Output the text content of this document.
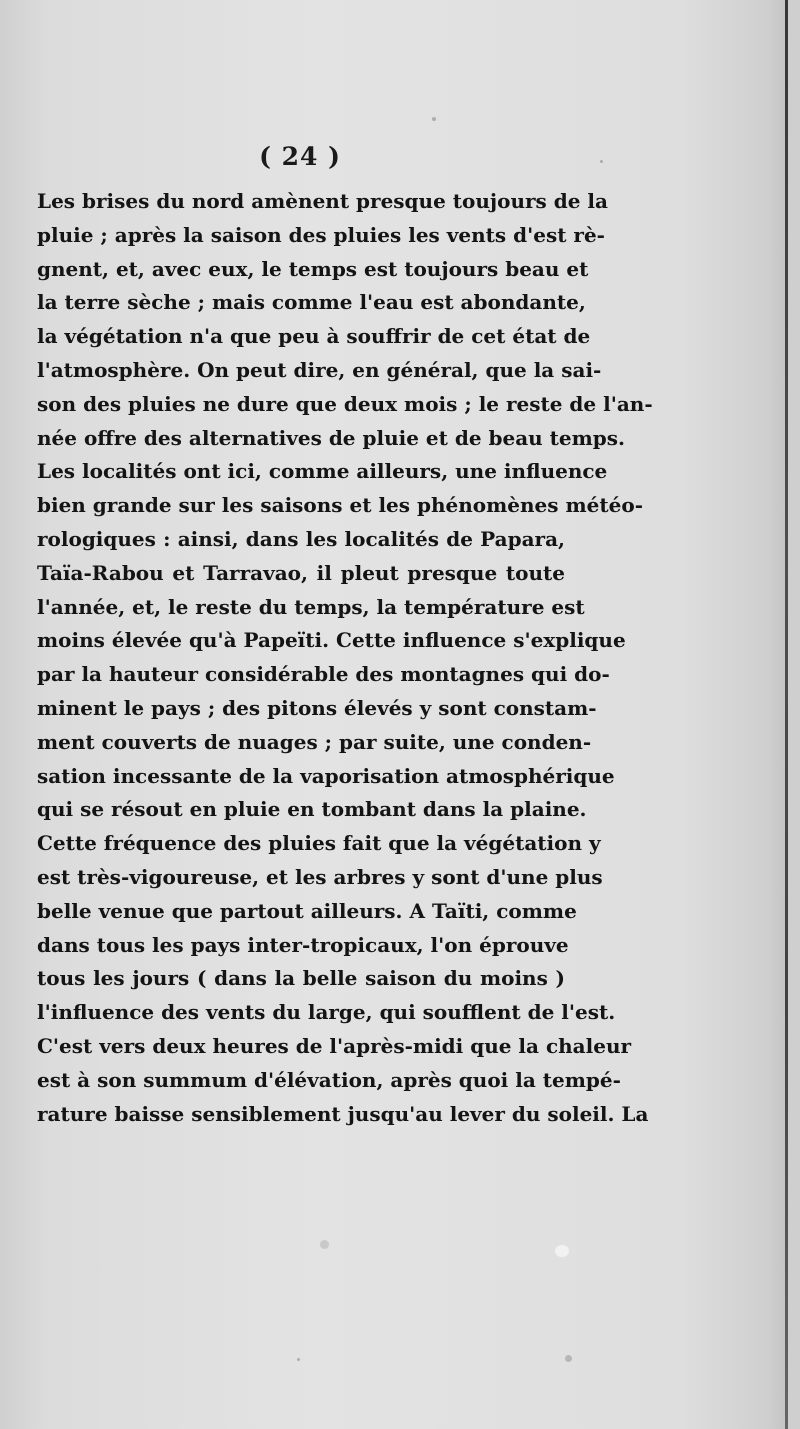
( 24 )
Les brises du nord amènent presque toujours de la
pluie ; après la saison des pluies les vents d'est rè-
gnent, et, avec eux, le temps est toujours beau et
la terre sèche ; mais comme l'eau est abondante,
la végétation n'a que peu à souffrir de cet état de
l'atmosphère. On peut dire, en général, que la sai-
son des pluies ne dure que deux mois ; le reste de l'an-
née offre des alternatives de pluie et de beau temps.
Les localités ont ici, comme ailleurs, une influence
bien grande sur les saisons et les phénomènes météo-
rologiques : ainsi, dans les localités de Papara,
Taïa-Rabou et Tarravao, il pleut presque toute
l'année, et, le reste du temps, la température est
moins élevée qu'à Papeïti. Cette influence s'explique
par la hauteur considérable des montagnes qui do-
minent le pays ; des pitons élevés y sont constam-
ment couverts de nuages ; par suite, une conden-
sation incessante de la vaporisation atmosphérique
qui se résout en pluie en tombant dans la plaine.
Cette fréquence des pluies fait que la végétation y
est très-vigoureuse, et les arbres y sont d'une plus
belle venue que partout ailleurs. A Taïti, comme
dans tous les pays inter-tropicaux, l'on éprouve
tous les jours ( dans la belle saison du moins )
l'influence des vents du large, qui soufflent de l'est.
C'est vers deux heures de l'après-midi que la chaleur
est à son summum d'élévation, après quoi la tempé-
rature baisse sensiblement jusqu'au lever du soleil. La
